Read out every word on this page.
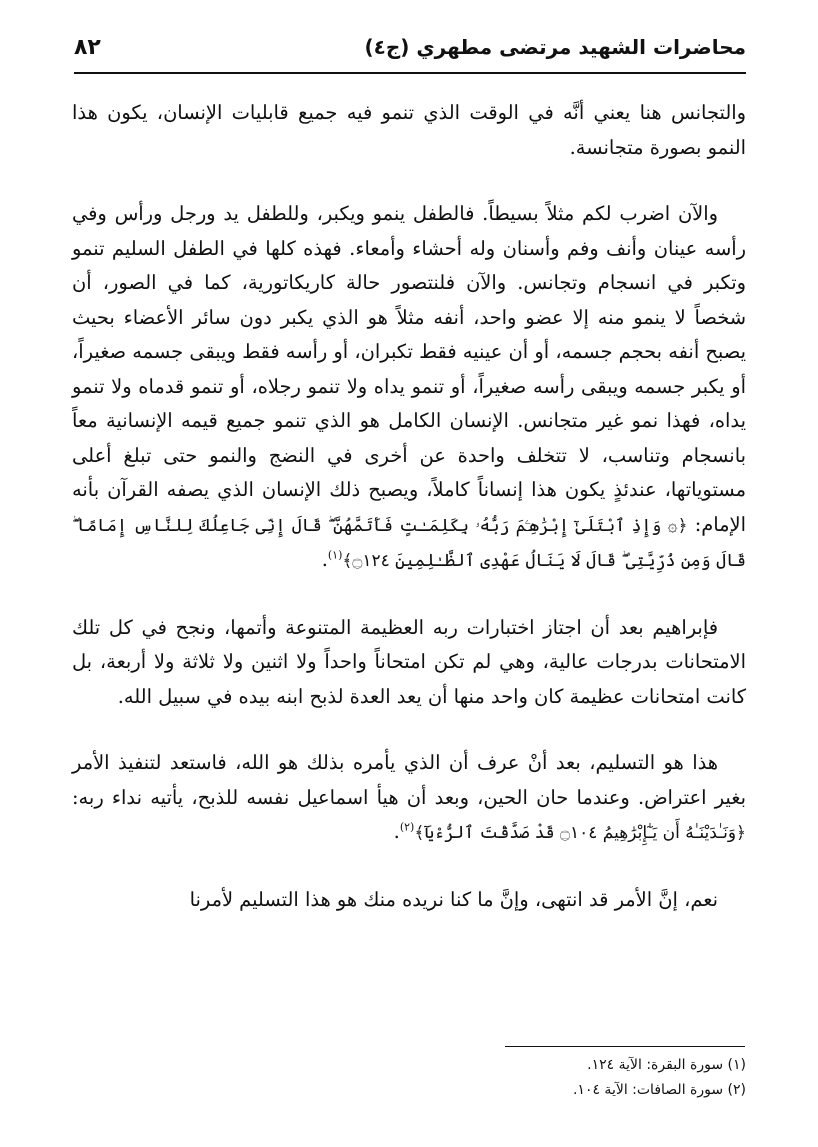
محاضرات الشهيد مرتضى مطهري (ج٤)
٨٢

والتجانس هنا يعني أنَّه في الوقت الذي تنمو فيه جميع قابليات الإنسان، يكون هذا النمو بصورة متجانسة.

والآن اضرب لكم مثلاً بسيطاً. فالطفل ينمو ويكبر، وللطفل يد ورجل ورأس وفي رأسه عينان وأنف وفم وأسنان وله أحشاء وأمعاء. فهذه كلها في الطفل السليم تنمو وتكبر في انسجام وتجانس. والآن فلنتصور حالة كاريكاتورية، كما في الصور، أن شخصاً لا ينمو منه إلا عضو واحد، أنفه مثلاً هو الذي يكبر دون سائر الأعضاء بحيث يصبح أنفه بحجم جسمه، أو أن عينيه فقط تكبران، أو رأسه فقط ويبقى جسمه صغيراً، أو يكبر جسمه ويبقى رأسه صغيراً، أو تنمو يداه ولا تنمو رجلاه، أو تنمو قدماه ولا تنمو يداه، فهذا نمو غير متجانس. الإنسان الكامل هو الذي تنمو جميع قيمه الإنسانية معاً بانسجام وتناسب، لا تتخلف واحدة عن أخرى في النضج والنمو حتى تبلغ أعلى مستوياتها، عندئذٍ يكون هذا إنساناً كاملاً، ويصبح ذلك الإنسان الذي يصفه القرآن بأنه الإمام: ﴿۞ وَإِذِ ٱبْتَلَىٰٓ إِبْرَٰهِـۧمَ رَبُّهُۥ بِكَلِمَـٰتٍ فَأَتَمَّهُنَّ ۖ قَالَ إِنِّى جَاعِلُكَ لِلنَّاسِ إِمَامًا ۖ قَالَ وَمِن ذُرِّيَّتِى ۖ قَالَ لَا يَنَالُ عَهْدِى ٱلظَّـٰلِمِينَ ۝١٢٤﴾$^{(١)}$.

فإبراهيم بعد أن اجتاز اختبارات ربه العظيمة المتنوعة وأتمها، ونجح في كل تلك الامتحانات بدرجات عالية، وهي لم تكن امتحاناً واحداً ولا اثنين ولا ثلاثة ولا أربعة، بل كانت امتحانات عظيمة كان واحد منها أن يعد العدة لذبح ابنه بيده في سبيل الله.

هذا هو التسليم، بعد أنْ عرف أن الذي يأمره بذلك هو الله، فاستعد لتنفيذ الأمر بغير اعتراض. وعندما حان الحين، وبعد أن هيأ اسماعيل نفسه للذبح، يأتيه نداء ربه: ﴿وَنَـٰدَيْنَـٰهُ أَن يَـٰٓإِبْرَٰهِيمُ ۝١٠٤ قَدْ صَدَّقْتَ ٱلرُّءْيَآ﴾$^{(٢)}$.

نعم، إنَّ الأمر قد انتهى، وإنَّ ما كنا نريده منك هو هذا التسليم لأمرنا

(١) سورة البقرة: الآية ١٢٤.
(٢) سورة الصافات: الآية ١٠٤.
